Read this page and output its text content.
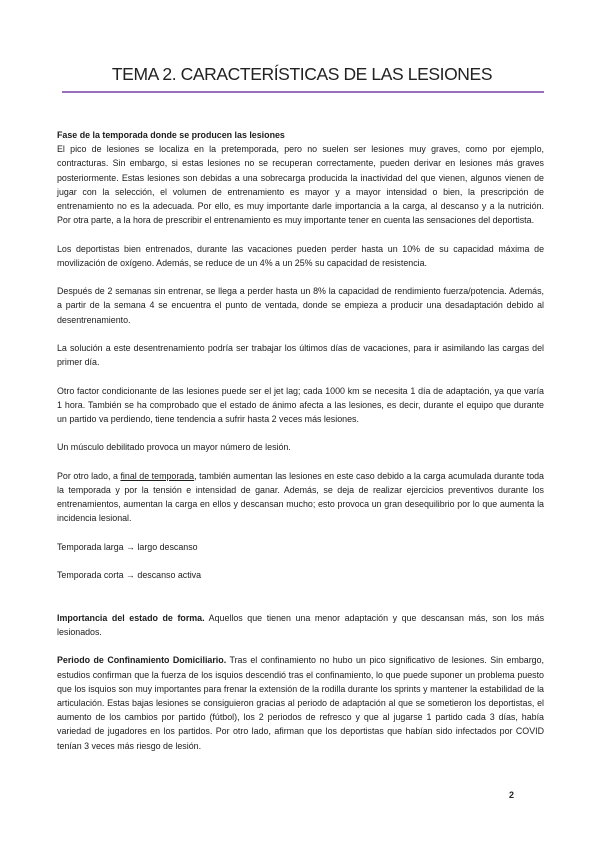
TEMA 2. CARACTERÍSTICAS DE LAS LESIONES

Fase de la temporada donde se producen las lesiones

El pico de lesiones se localiza en la pretemporada, pero no suelen ser lesiones muy graves, como por ejemplo, contracturas. Sin embargo, si estas lesiones no se recuperan correctamente, pueden derivar en lesiones más graves posteriormente. Estas lesiones son debidas a una sobrecarga producida la inactividad del que vienen, algunos vienen de jugar con la selección, el volumen de entrenamiento es mayor y a mayor intensidad o bien, la prescripción de entrenamiento no es la adecuada. Por ello, es muy importante darle importancia a la carga, al descanso y a la nutrición. Por otra parte, a la hora de prescribir el entrenamiento es muy importante tener en cuenta las sensaciones del deportista.

Los deportistas bien entrenados, durante las vacaciones pueden perder hasta un 10% de su capacidad máxima de movilización de oxígeno. Además, se reduce de un 4% a un 25% su capacidad de resistencia.

Después de 2 semanas sin entrenar, se llega a perder hasta un 8% la capacidad de rendimiento fuerza/potencia. Además, a partir de la semana 4 se encuentra el punto de ventada, donde se empieza a producir una desadaptación debido al desentrenamiento.

La solución a este desentrenamiento podría ser trabajar los últimos días de vacaciones, para ir asimilando las cargas del primer día.

Otro factor condicionante de las lesiones puede ser el jet lag; cada 1000 km se necesita 1 día de adaptación, ya que varía 1 hora. También se ha comprobado que el estado de ánimo afecta a las lesiones, es decir, durante el equipo que durante un partido va perdiendo, tiene tendencia a sufrir hasta 2 veces más lesiones.

Un músculo debilitado provoca un mayor número de lesión.

Por otro lado, a final de temporada, también aumentan las lesiones en este caso debido a la carga acumulada durante toda la temporada y por la tensión e intensidad de ganar. Además, se deja de realizar ejercicios preventivos durante los entrenamientos, aumentan la carga en ellos y descansan mucho; esto provoca un gran desequilibrio por lo que aumenta la incidencia lesional.

Temporada larga → largo descanso

Temporada corta → descanso activa

Importancia del estado de forma. Aquellos que tienen una menor adaptación y que descansan más, son los más lesionados.

Periodo de Confinamiento Domiciliario. Tras el confinamiento no hubo un pico significativo de lesiones. Sin embargo, estudios confirman que la fuerza de los isquios descendió tras el confinamiento, lo que puede suponer un problema puesto que los isquios son muy importantes para frenar la extensión de la rodilla durante los sprints y mantener la estabilidad de la articulación. Estas bajas lesiones se consiguieron gracias al periodo de adaptación al que se sometieron los deportistas, el aumento de los cambios por partido (fútbol), los 2 periodos de refresco y que al jugarse 1 partido cada 3 días, había variedad de jugadores en los partidos. Por otro lado, afirman que los deportistas que habían sido infectados por COVID tenían 3 veces más riesgo de lesión.

2
